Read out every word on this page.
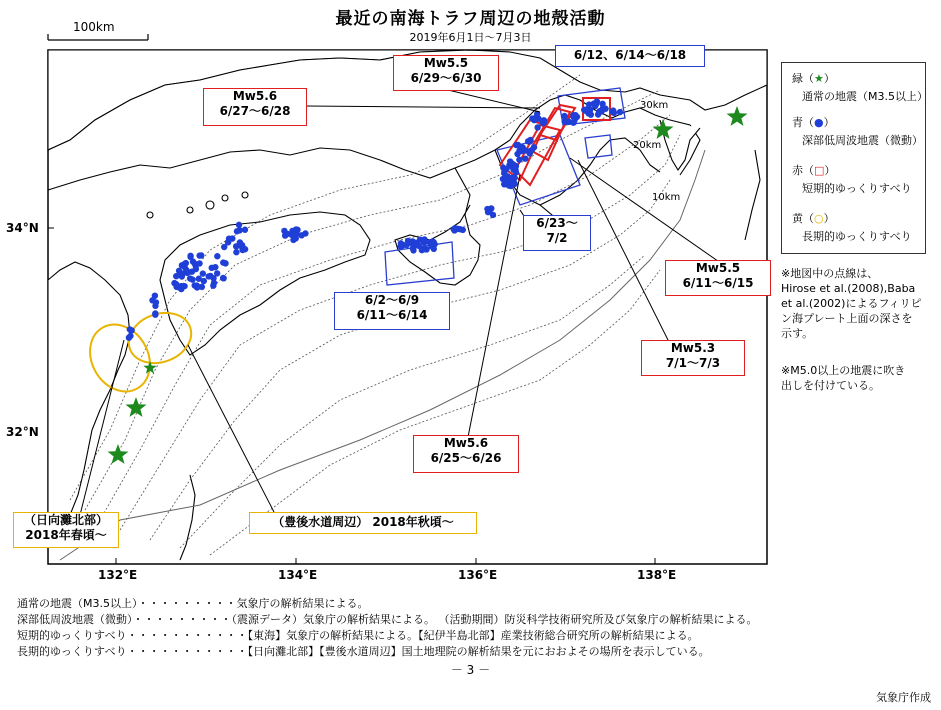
最近の南海トラフ周辺の地殻活動
2019年6月1日～7月3日
100km
30km
20km
10km
Mw5.5
6/29～6/30
Mw5.6
6/27～6/28
6/12、6/14～6/18
6/23～
7/2
6/2～6/9
6/11～6/14
Mw5.5
6/11～6/15
Mw5.3
7/1～7/3
Mw5.6
6/25～6/26
（日向灘北部）
2018年春頃～
（豊後水道周辺） 2018年秋頃～
132°E	134°E	136°E	138°E
34°N
32°N
緑（★）
通常の地震（M3.5以上）
青（●）
深部低周波地震（微動）
赤（□）
短期的ゆっくりすべり
黄（○）
長期的ゆっくりすべり
※地図中の点線は、
Hirose et al.(2008),Baba
et al.(2002)によるフィリピ
ン海プレート上面の深さを
示す。
※M5.0以上の地震に吹き
出しを付けている。
通常の地震（M3.5以上）・・・・・・・・・気象庁の解析結果による。
深部低周波地震（微動）・・・・・・・・・（震源データ）気象庁の解析結果による。 （活動期間）防災科学技術研究所及び気象庁の解析結果による。
短期的ゆっくりすべり・・・・・・・・・・・【東海】気象庁の解析結果による。【紀伊半島北部】産業技術総合研究所の解析結果による。
長期的ゆっくりすべり・・・・・・・・・・・【日向灘北部】【豊後水道周辺】国土地理院の解析結果を元におおよその場所を表示している。
－ 3 －
気象庁作成
